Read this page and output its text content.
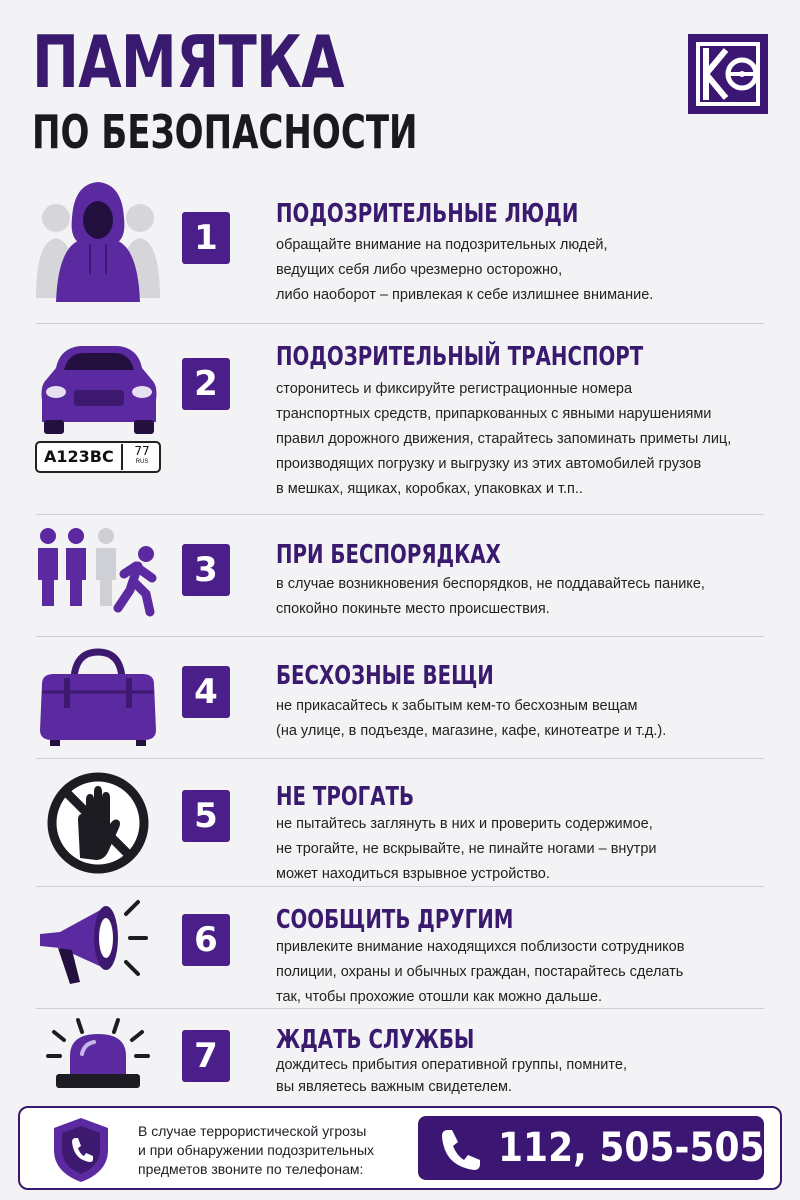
ПАМЯТКА
ПО БЕЗОПАСНОСТИ
1
ПОДОЗРИТЕЛЬНЫЕ ЛЮДИ
обращайте внимание на подозрительных людей,
ведущих себя либо чрезмерно осторожно,
либо наоборот – привлекая к себе излишнее внимание.
А123ВС	77
RUS
2
ПОДОЗРИТЕЛЬНЫЙ ТРАНСПОРТ
сторонитесь и фиксируйте регистрационные номера
транспортных средств, припаркованных с явными нарушениями
правил дорожного движения, старайтесь запоминать приметы лиц,
производящих погрузку и выгрузку из этих автомобилей грузов
в мешках, ящиках, коробках, упаковках и т.п..
3	ПРИ БЕСПОРЯДКАХ
в случае возникновения беспорядков, не поддавайтесь панике,
спокойно покиньте место происшествия.
4	БЕСХОЗНЫЕ ВЕЩИ
не прикасайтесь к забытым кем-то бесхозным вещам
(на улице, в подъезде, магазине, кафе, кинотеатре и т.д.).
5	НЕ ТРОГАТЬ
не пытайтесь заглянуть в них и проверить содержимое,
не трогайте, не вскрывайте, не пинайте ногами – внутри
может находиться взрывное устройство.
6	СООБЩИТЬ ДРУГИМ
привлеките внимание находящихся поблизости сотрудников
полиции, охраны и обычных граждан, постарайтесь сделать
так, чтобы прохожие отошли как можно дальше.
7	ЖДАТЬ СЛУЖБЫ
дождитесь прибытия оперативной группы, помните,
вы являетесь важным свидетелем.
В случае террористической угрозы
и при обнаружении подозрительных
предметов звоните по телефонам:	112, 505-505
